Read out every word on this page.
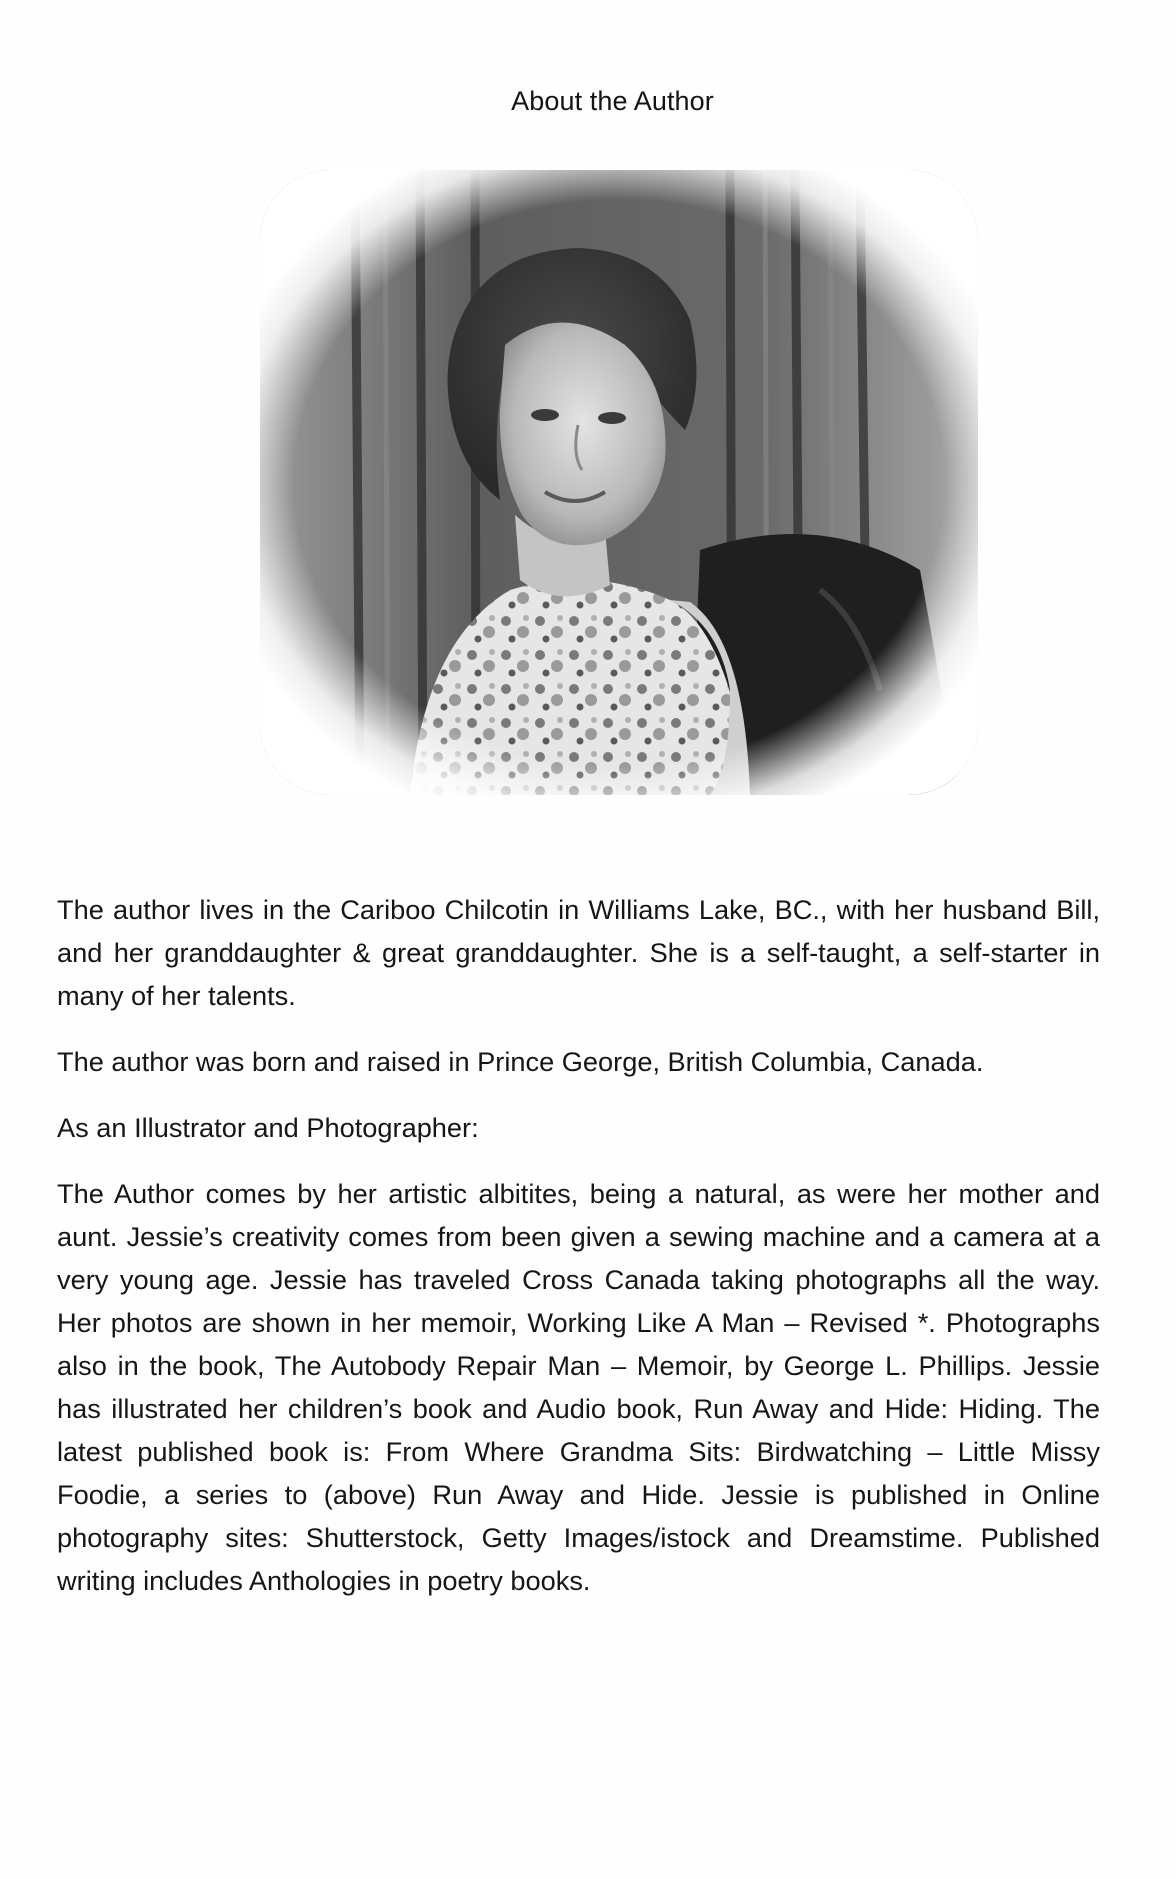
About the Author

The author lives in the Cariboo Chilcotin in Williams Lake, BC., with her husband Bill, and her granddaughter & great granddaughter. She is a self-taught, a self-starter in many of her talents.

The author was born and raised in Prince George, British Columbia, Canada.

As an Illustrator and Photographer:

The Author comes by her artistic albitites, being a natural, as were her mother and aunt. Jessie’s creativity comes from been given a sewing machine and a camera at a very young age. Jessie has traveled Cross Canada taking photographs all the way. Her photos are shown in her memoir, Working Like A Man – Revised *. Photographs also in the book, The Autobody Repair Man – Memoir, by George L. Phillips. Jessie has illustrated her children’s book and Audio book, Run Away and Hide: Hiding. The latest published book is: From Where Grandma Sits: Birdwatching – Little Missy Foodie, a series to (above) Run Away and Hide. Jessie is published in Online photography sites: Shutterstock, Getty Images/istock and Dreamstime. Published writing includes Anthologies in poetry books.
